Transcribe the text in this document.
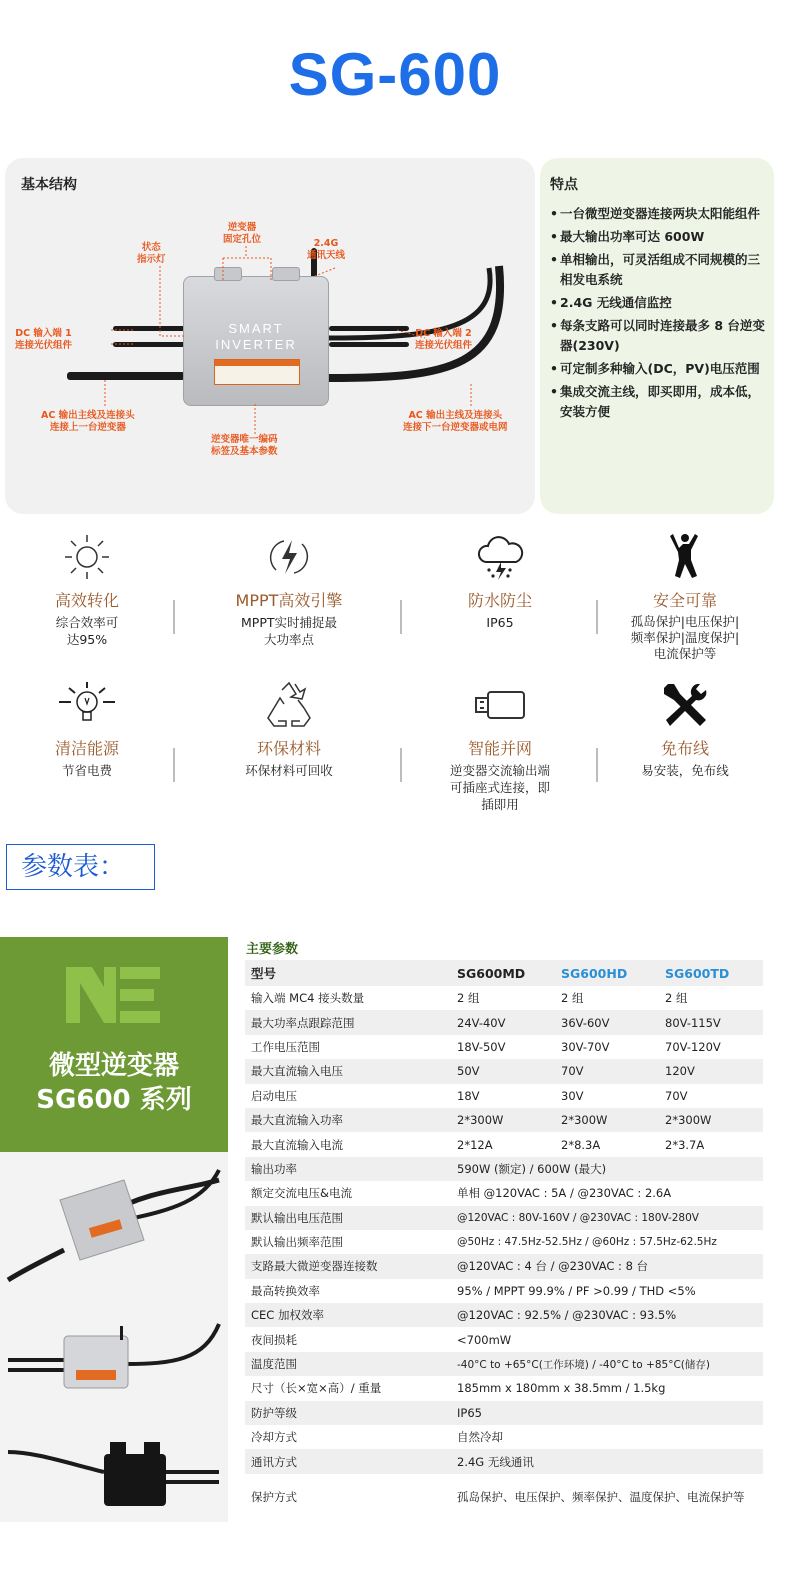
SG-600
基本结构
SMART
INVERTER
状态
指示灯
逆变器
固定孔位	2.4G
通讯天线
DC 输入端 1
连接光伏组件
DC 输入端 2
连接光伏组件
AC 输出主线及连接头
连接上一台逆变器
AC 输出主线及连接头
连接下一台逆变器或电网
逆变器唯一编码
标签及基本参数
特点
• 一台微型逆变器连接两块太阳能组件
• 最大输出功率可达 600W
• 单相输出，可灵活组成不同规模的三相发电系统
• 2.4G 无线通信监控
• 每条支路可以同时连接最多 8 台逆变器(230V)
• 可定制多种输入(DC，PV)电压范围
• 集成交流主线，即买即用，成本低，安装方便
高效转化
综合效率可
达95%
MPPT高效引擎
MPPT实时捕捉最
大功率点
防水防尘
IP65
安全可靠
孤岛保护|电压保护|
频率保护|温度保护|
电流保护等
清洁能源
节省电费
环保材料
环保材料可回收
智能并网
逆变器交流输出端
可插座式连接，即
插即用
免布线
易安装，免布线
参数表：
微型逆变器
SG600 系列
主要参数
型号	SG600MD	SG600HD	SG600TD
输入端 MC4 接头数量	2 组	2 组	2 组
最大功率点跟踪范围	24V-40V	36V-60V	80V-115V
工作电压范围	18V-50V	30V-70V	70V-120V
最大直流输入电压	50V	70V	120V
启动电压	18V	30V	70V
最大直流输入功率	2*300W	2*300W	2*300W
最大直流输入电流	2*12A	2*8.3A	2*3.7A
输出功率	590W (额定) / 600W (最大)		
额定交流电压&电流	单相 @120VAC : 5A / @230VAC : 2.6A		
默认输出电压范围	@120VAC : 80V-160V / @230VAC : 180V-280V		
默认输出频率范围	@50Hz : 47.5Hz-52.5Hz / @60Hz : 57.5Hz-62.5Hz		
支路最大微逆变器连接数	@120VAC : 4 台 / @230VAC : 8 台		
最高转换效率	95% / MPPT 99.9% / PF >0.99 / THD <5%		
CEC 加权效率	@120VAC : 92.5% / @230VAC : 93.5%		
夜间损耗	<700mW		
温度范围	-40°C to +65°C(工作环境) / -40°C to +85°C(储存)		
尺寸（长×宽×高）/ 重量	185mm x 180mm x 38.5mm / 1.5kg		
防护等级	IP65		
冷却方式	自然冷却		
通讯方式	2.4G 无线通讯		
保护方式	孤岛保护、电压保护、频率保护、温度保护、电流保护等		
